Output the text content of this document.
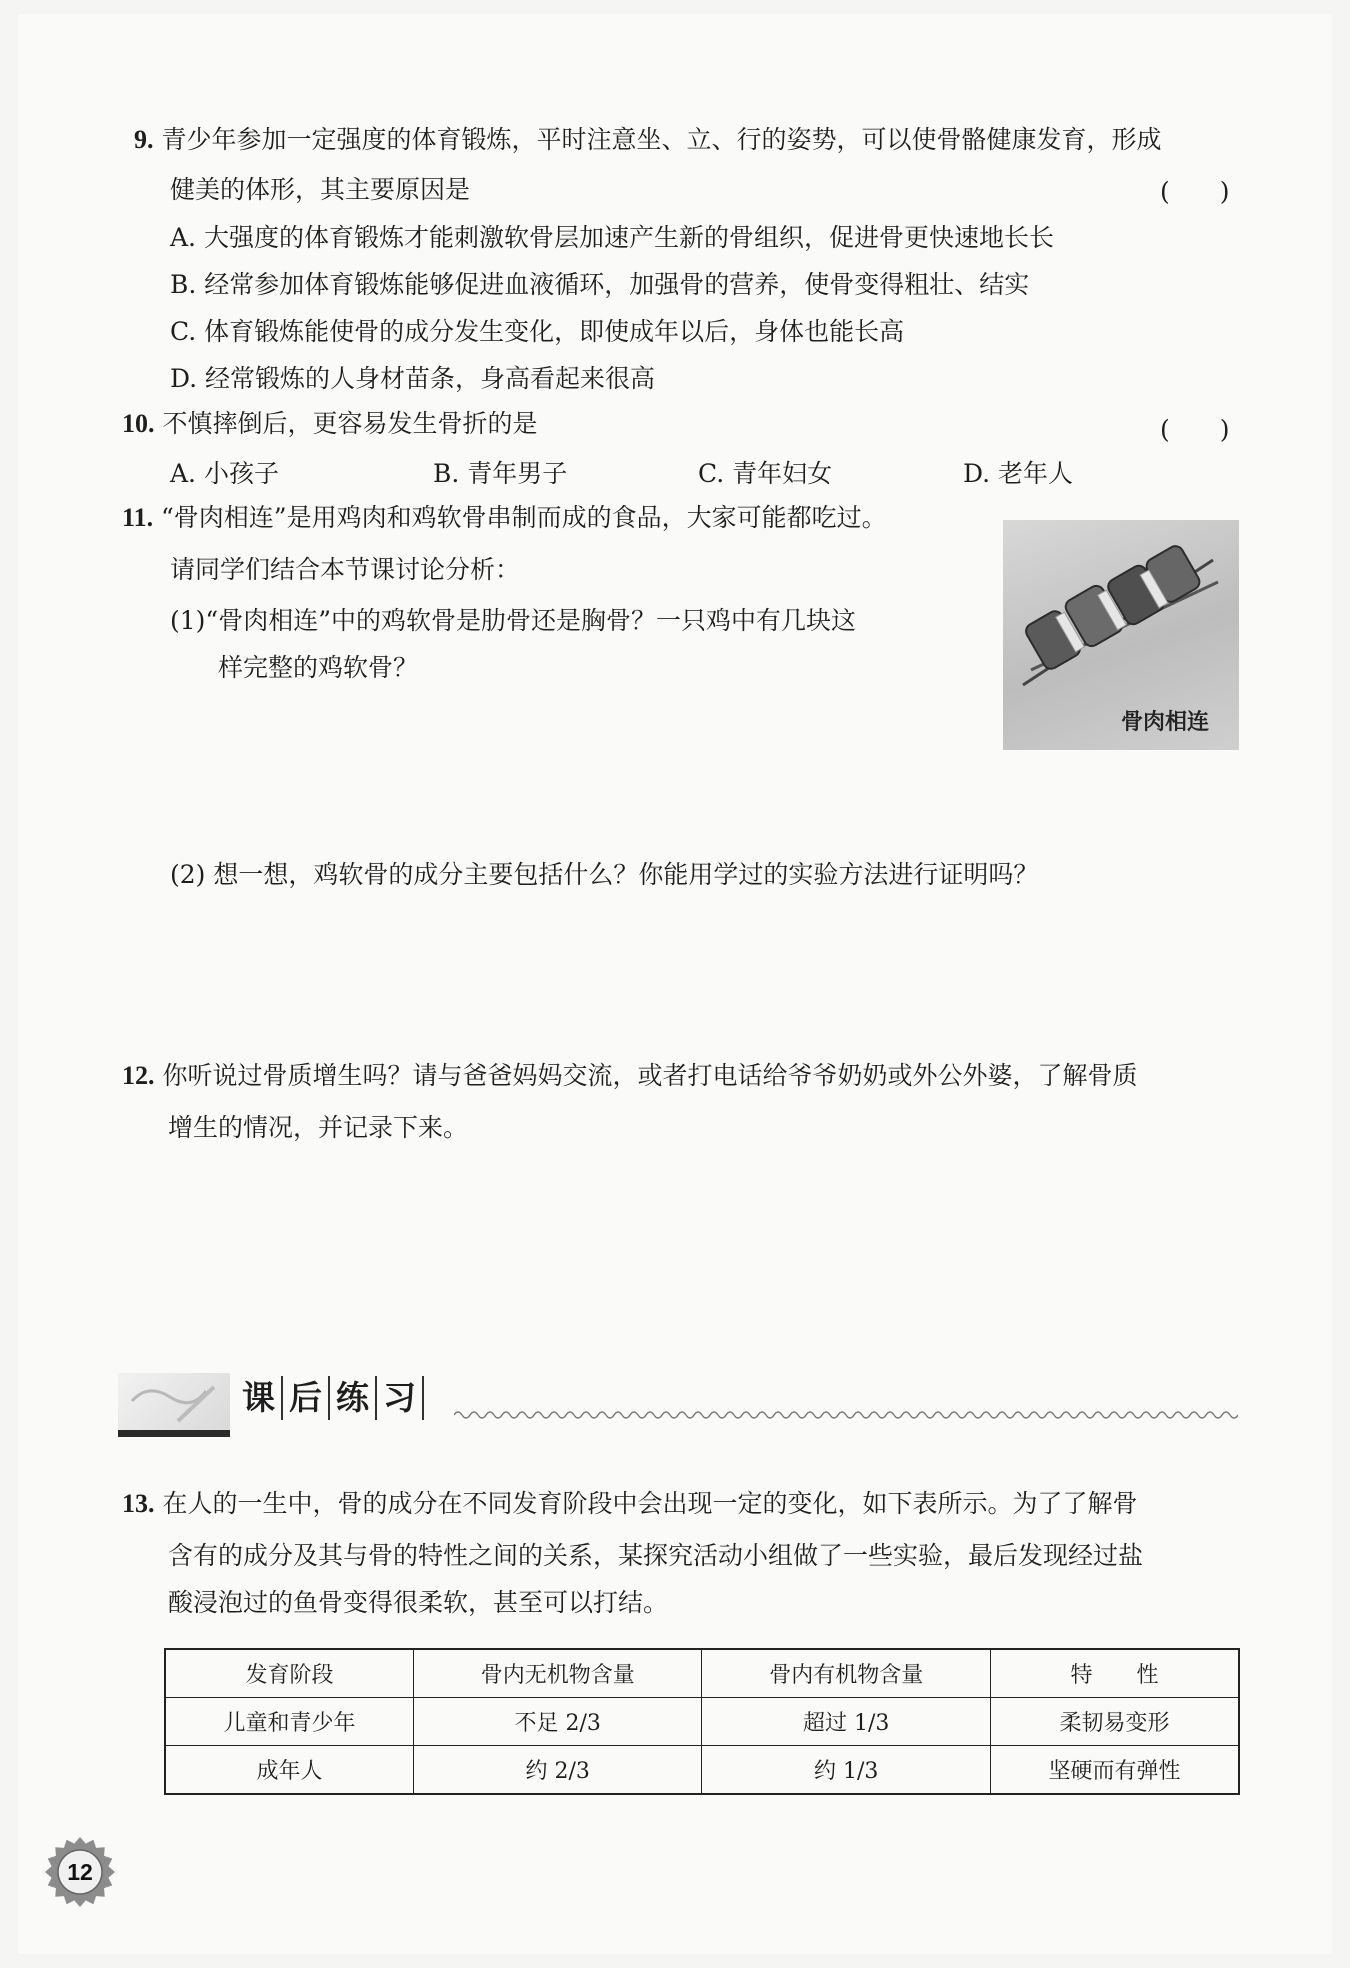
9. 青少年参加一定强度的体育锻炼，平时注意坐、立、行的姿势，可以使骨骼健康发育，形成
健美的体形，其主要原因是	(　　)
A. 大强度的体育锻炼才能刺激软骨层加速产生新的骨组织，促进骨更快速地长长
B. 经常参加体育锻炼能够促进血液循环，加强骨的营养，使骨变得粗壮、结实
C. 体育锻炼能使骨的成分发生变化，即使成年以后，身体也能长高
D. 经常锻炼的人身材苗条，身高看起来很高
10. 不慎摔倒后，更容易发生骨折的是	(　　)
A. 小孩子	B. 青年男子	C. 青年妇女	D. 老年人
11. “骨肉相连”是用鸡肉和鸡软骨串制而成的食品，大家可能都吃过。
请同学们结合本节课讨论分析：
(1)“骨肉相连”中的鸡软骨是肋骨还是胸骨？一只鸡中有几块这
样完整的鸡软骨？
(2) 想一想，鸡软骨的成分主要包括什么？你能用学过的实验方法进行证明吗？
骨肉相连
12. 你听说过骨质增生吗？请与爸爸妈妈交流，或者打电话给爷爷奶奶或外公外婆，了解骨质
增生的情况，并记录下来。
课 后 练 习
13. 在人的一生中，骨的成分在不同发育阶段中会出现一定的变化，如下表所示。为了了解骨
含有的成分及其与骨的特性之间的关系，某探究活动小组做了一些实验，最后发现经过盐
酸浸泡过的鱼骨变得很柔软，甚至可以打结。
发育阶段	骨内无机物含量	骨内有机物含量	特　　性
儿童和青少年	不足 2/3	超过 1/3	柔韧易变形
成年人	约 2/3	约 1/3	坚硬而有弹性
12
